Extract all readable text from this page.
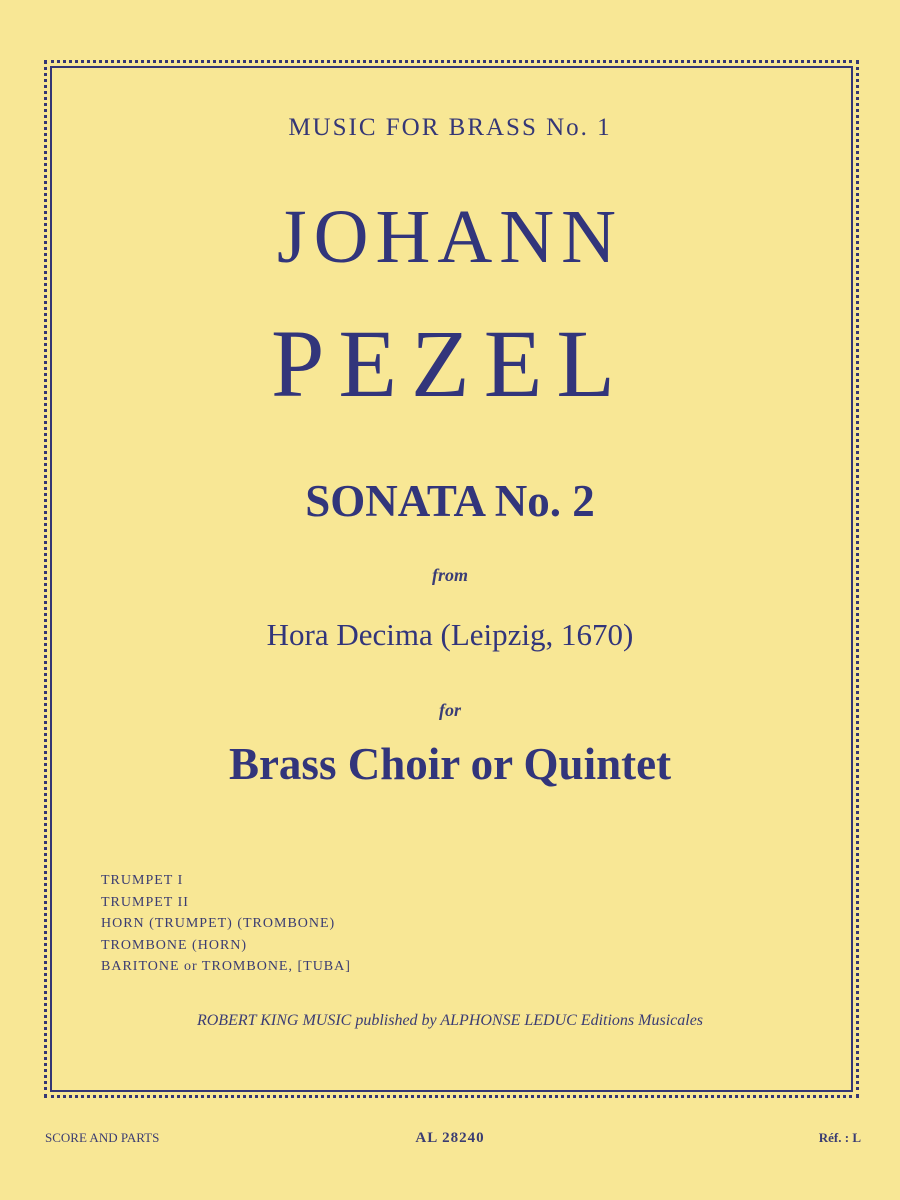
MUSIC FOR BRASS No. 1
JOHANN
PEZEL
SONATA No. 2
from
Hora Decima (Leipzig, 1670)
for
Brass Choir or Quintet
TRUMPET I
TRUMPET II
HORN (TRUMPET) (TROMBONE)
TROMBONE (HORN)
BARITONE or TROMBONE, [TUBA]
ROBERT KING MUSIC published by ALPHONSE LEDUC Editions Musicales
SCORE AND PARTS	AL 28240	Réf. : L
